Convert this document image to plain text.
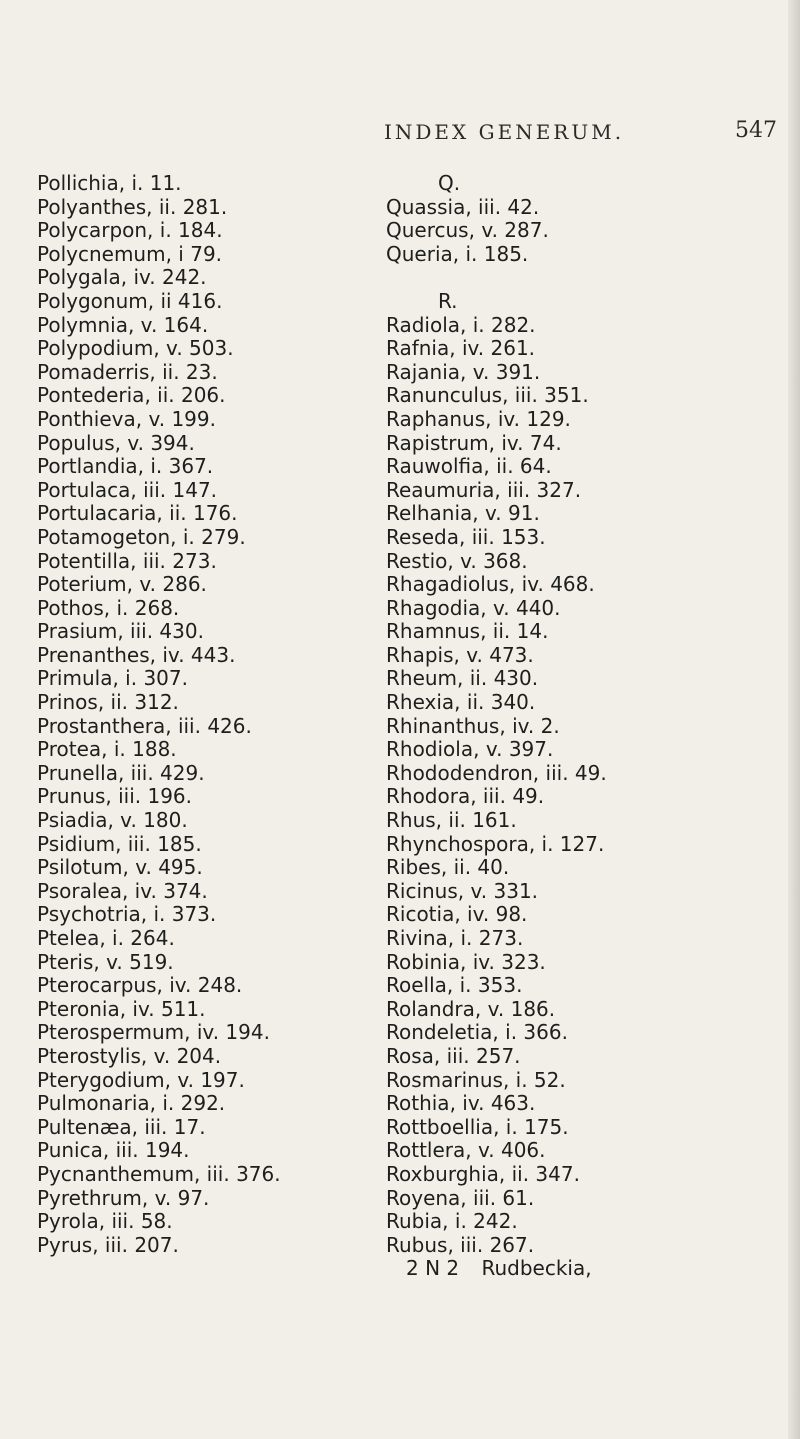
INDEX GENERUM.	547
Pollichia, i. 11.
Polyanthes, ii. 281.
Polycarpon, i. 184.
Polycnemum, i 79.
Polygala, iv. 242.
Polygonum, ii 416.
Polymnia, v. 164.
Polypodium, v. 503.
Pomaderris, ii. 23.
Pontederia, ii. 206.
Ponthieva, v. 199.
Populus, v. 394.
Portlandia, i. 367.
Portulaca, iii. 147.
Portulacaria, ii. 176.
Potamogeton, i. 279.
Potentilla, iii. 273.
Poterium, v. 286.
Pothos, i. 268.
Prasium, iii. 430.
Prenanthes, iv. 443.
Primula, i. 307.
Prinos, ii. 312.
Prostanthera, iii. 426.
Protea, i. 188.
Prunella, iii. 429.
Prunus, iii. 196.
Psiadia, v. 180.
Psidium, iii. 185.
Psilotum, v. 495.
Psoralea, iv. 374.
Psychotria, i. 373.
Ptelea, i. 264.
Pteris, v. 519.
Pterocarpus, iv. 248.
Pteronia, iv. 511.
Pterospermum, iv. 194.
Pterostylis, v. 204.
Pterygodium, v. 197.
Pulmonaria, i. 292.
Pultenæa, iii. 17.
Punica, iii. 194.
Pycnanthemum, iii. 376.
Pyrethrum, v. 97.
Pyrola, iii. 58.
Pyrus, iii. 207.
Q.
Quassia, iii. 42.
Quercus, v. 287.
Queria, i. 185.
R.
Radiola, i. 282.
Rafnia, iv. 261.
Rajania, v. 391.
Ranunculus, iii. 351.
Raphanus, iv. 129.
Rapistrum, iv. 74.
Rauwolfia, ii. 64.
Reaumuria, iii. 327.
Relhania, v. 91.
Reseda, iii. 153.
Restio, v. 368.
Rhagadiolus, iv. 468.
Rhagodia, v. 440.
Rhamnus, ii. 14.
Rhapis, v. 473.
Rheum, ii. 430.
Rhexia, ii. 340.
Rhinanthus, iv. 2.
Rhodiola, v. 397.
Rhododendron, iii. 49.
Rhodora, iii. 49.
Rhus, ii. 161.
Rhynchospora, i. 127.
Ribes, ii. 40.
Ricinus, v. 331.
Ricotia, iv. 98.
Rivina, i. 273.
Robinia, iv. 323.
Roella, i. 353.
Rolandra, v. 186.
Rondeletia, i. 366.
Rosa, iii. 257.
Rosmarinus, i. 52.
Rothia, iv. 463.
Rottboellia, i. 175.
Rottlera, v. 406.
Roxburghia, ii. 347.
Royena, iii. 61.
Rubia, i. 242.
Rubus, iii. 267.
2 N 2 Rudbeckia,
